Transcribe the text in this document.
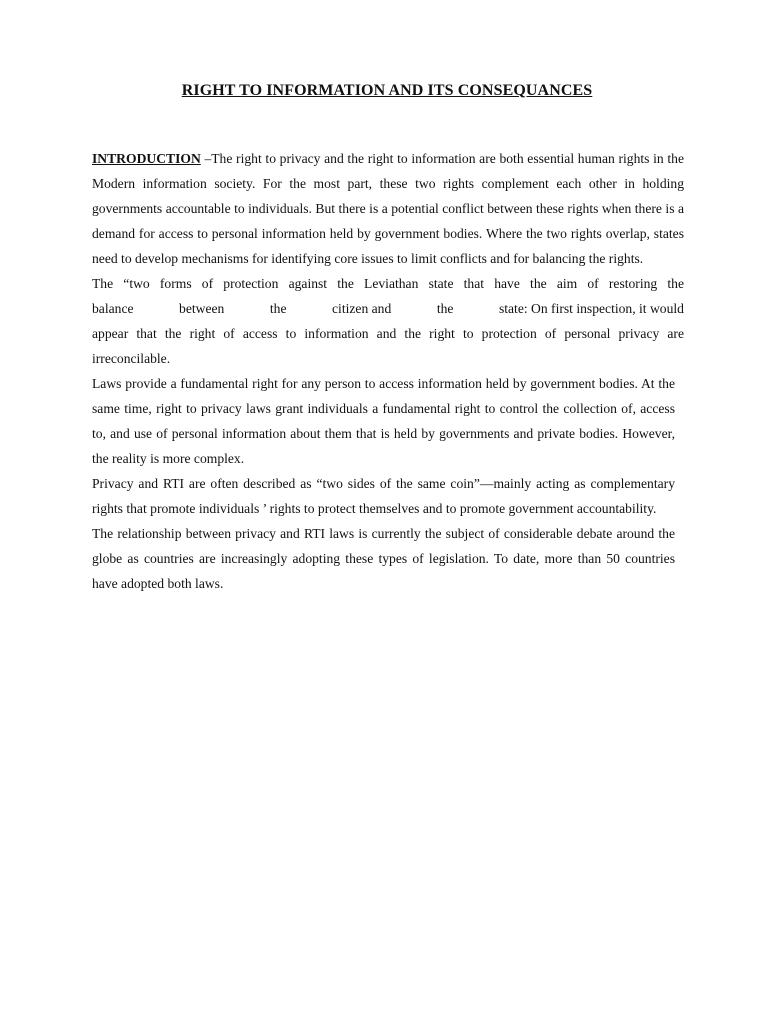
RIGHT TO INFORMATION AND ITS CONSEQUANCES

INTRODUCTION –The right to privacy and the right to information are both essential human rights in the Modern information society. For the most part, these two rights complement each other in holding governments accountable to individuals. But there is a potential conflict between these rights when there is a demand for access to personal information held by government bodies. Where the two rights overlap, states need to develop mechanisms for identifying core issues to limit conflicts and for balancing the rights.

The “two forms of protection against the Leviathan state that have the aim of restoring the

balance	between	the	citizen and	the	state: On first inspection, it would

appear that the right of access to information and the right to protection of personal privacy are irreconcilable.

Laws provide a fundamental right for any person to access information held by government bodies. At the same time, right to privacy laws grant individuals a fundamental right to control the collection of, access to, and use of personal information about them that is held by governments and private bodies. However, the reality is more complex.

Privacy and RTI are often described as “two sides of the same coin”—mainly acting as complementary rights that promote individuals ’ rights to protect themselves and to promote government accountability.

The relationship between privacy and RTI laws is currently the subject of considerable debate around the globe as countries are increasingly adopting these types of legislation. To date, more than 50 countries have adopted both laws.
